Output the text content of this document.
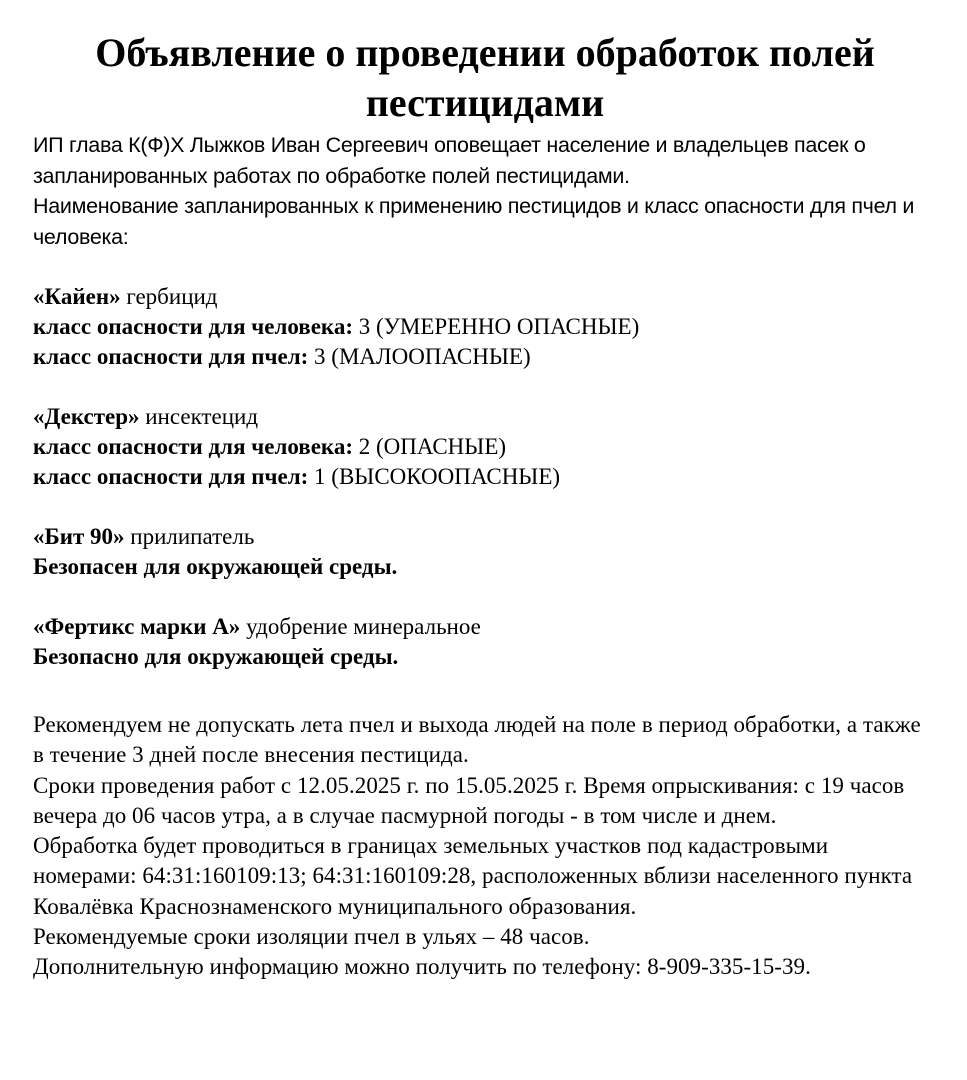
Объявление о проведении обработок полей пестицидами

ИП глава К(Ф)Х Лыжков Иван Сергеевич оповещает население и владельцев пасек о запланированных работах по обработке полей пестицидами.

Наименование запланированных к применению пестицидов и класс опасности для пчел и человека:

«Кайен» гербицид

класс опасности для человека: 3 (УМЕРЕННО ОПАСНЫЕ)

класс опасности для пчел: 3 (МАЛООПАСНЫЕ)

«Декстер» инсектецид

класс опасности для человека: 2 (ОПАСНЫЕ)

класс опасности для пчел: 1 (ВЫСОКООПАСНЫЕ)

«Бит 90» прилипатель

Безопасен для окружающей среды.

«Фертикс марки А» удобрение минеральное

Безопасно для окружающей среды.

Рекомендуем не допускать лета пчел и выхода людей на поле в период обработки, а также в течение 3 дней после внесения пестицида.

Сроки проведения работ с 12.05.2025 г. по 15.05.2025 г. Время опрыскивания: с 19 часов вечера до 06 часов утра, а в случае пасмурной погоды - в том числе и днем.

Обработка будет проводиться в границах земельных участков под кадастровыми номерами: 64:31:160109:13; 64:31:160109:28, расположенных вблизи населенного пункта Ковалёвка Краснознаменского муниципального образования.

Рекомендуемые сроки изоляции пчел в ульях – 48 часов.

Дополнительную информацию можно получить по телефону: 8-909-335-15-39.
